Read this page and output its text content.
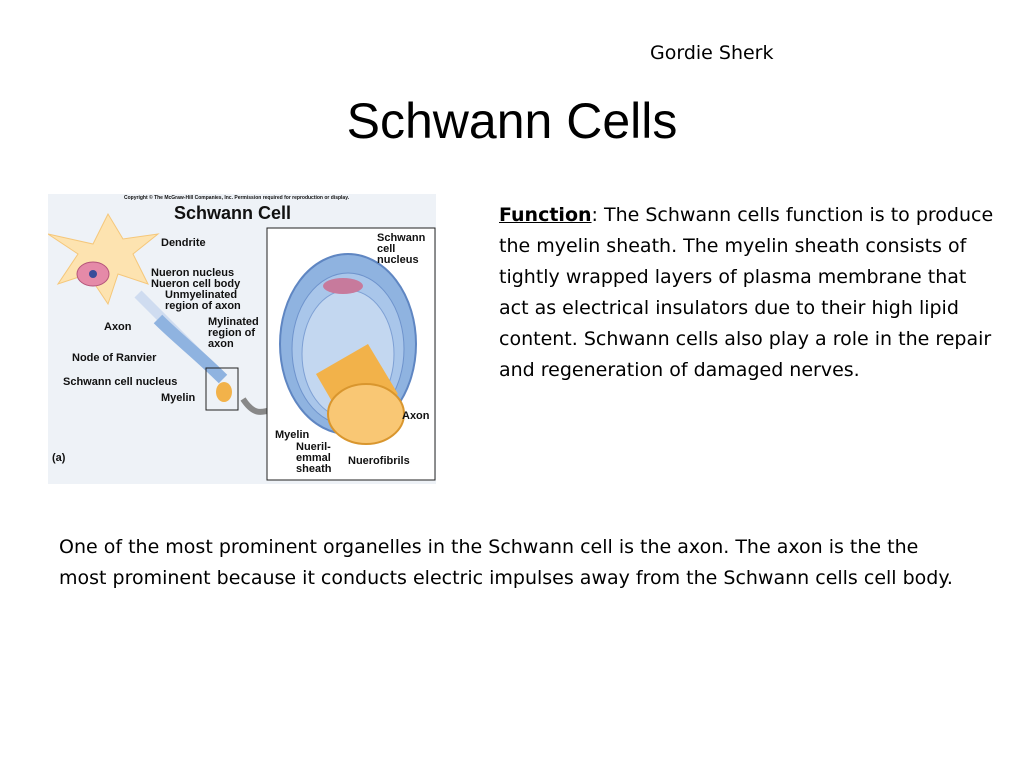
Gordie Sherk
Schwann Cells
Copyright © The McGraw-Hill Companies, Inc. Permission required for reproduction or display.
Schwann Cell
Dendrite
Nueron nucleus
Nueron cell body
Unmyelinated
region of axon
Axon	Mylinated
region of
axon
Node of Ranvier
Schwann cell nucleus
Myelin
(a)
Schwann
cell
nucleus
Axon
Myelin
Nueril-
emmal
sheath
Nuerofibrils
Function: The Schwann cells function is to produce the myelin sheath. The myelin sheath consists of tightly wrapped layers of plasma membrane that act as electrical insulators due to their high lipid content. Schwann cells also play a role in the repair and regeneration of damaged nerves.
One of the most prominent organelles in the Schwann cell is the axon. The axon is the the most prominent because it conducts electric impulses away from the Schwann cells cell body.
